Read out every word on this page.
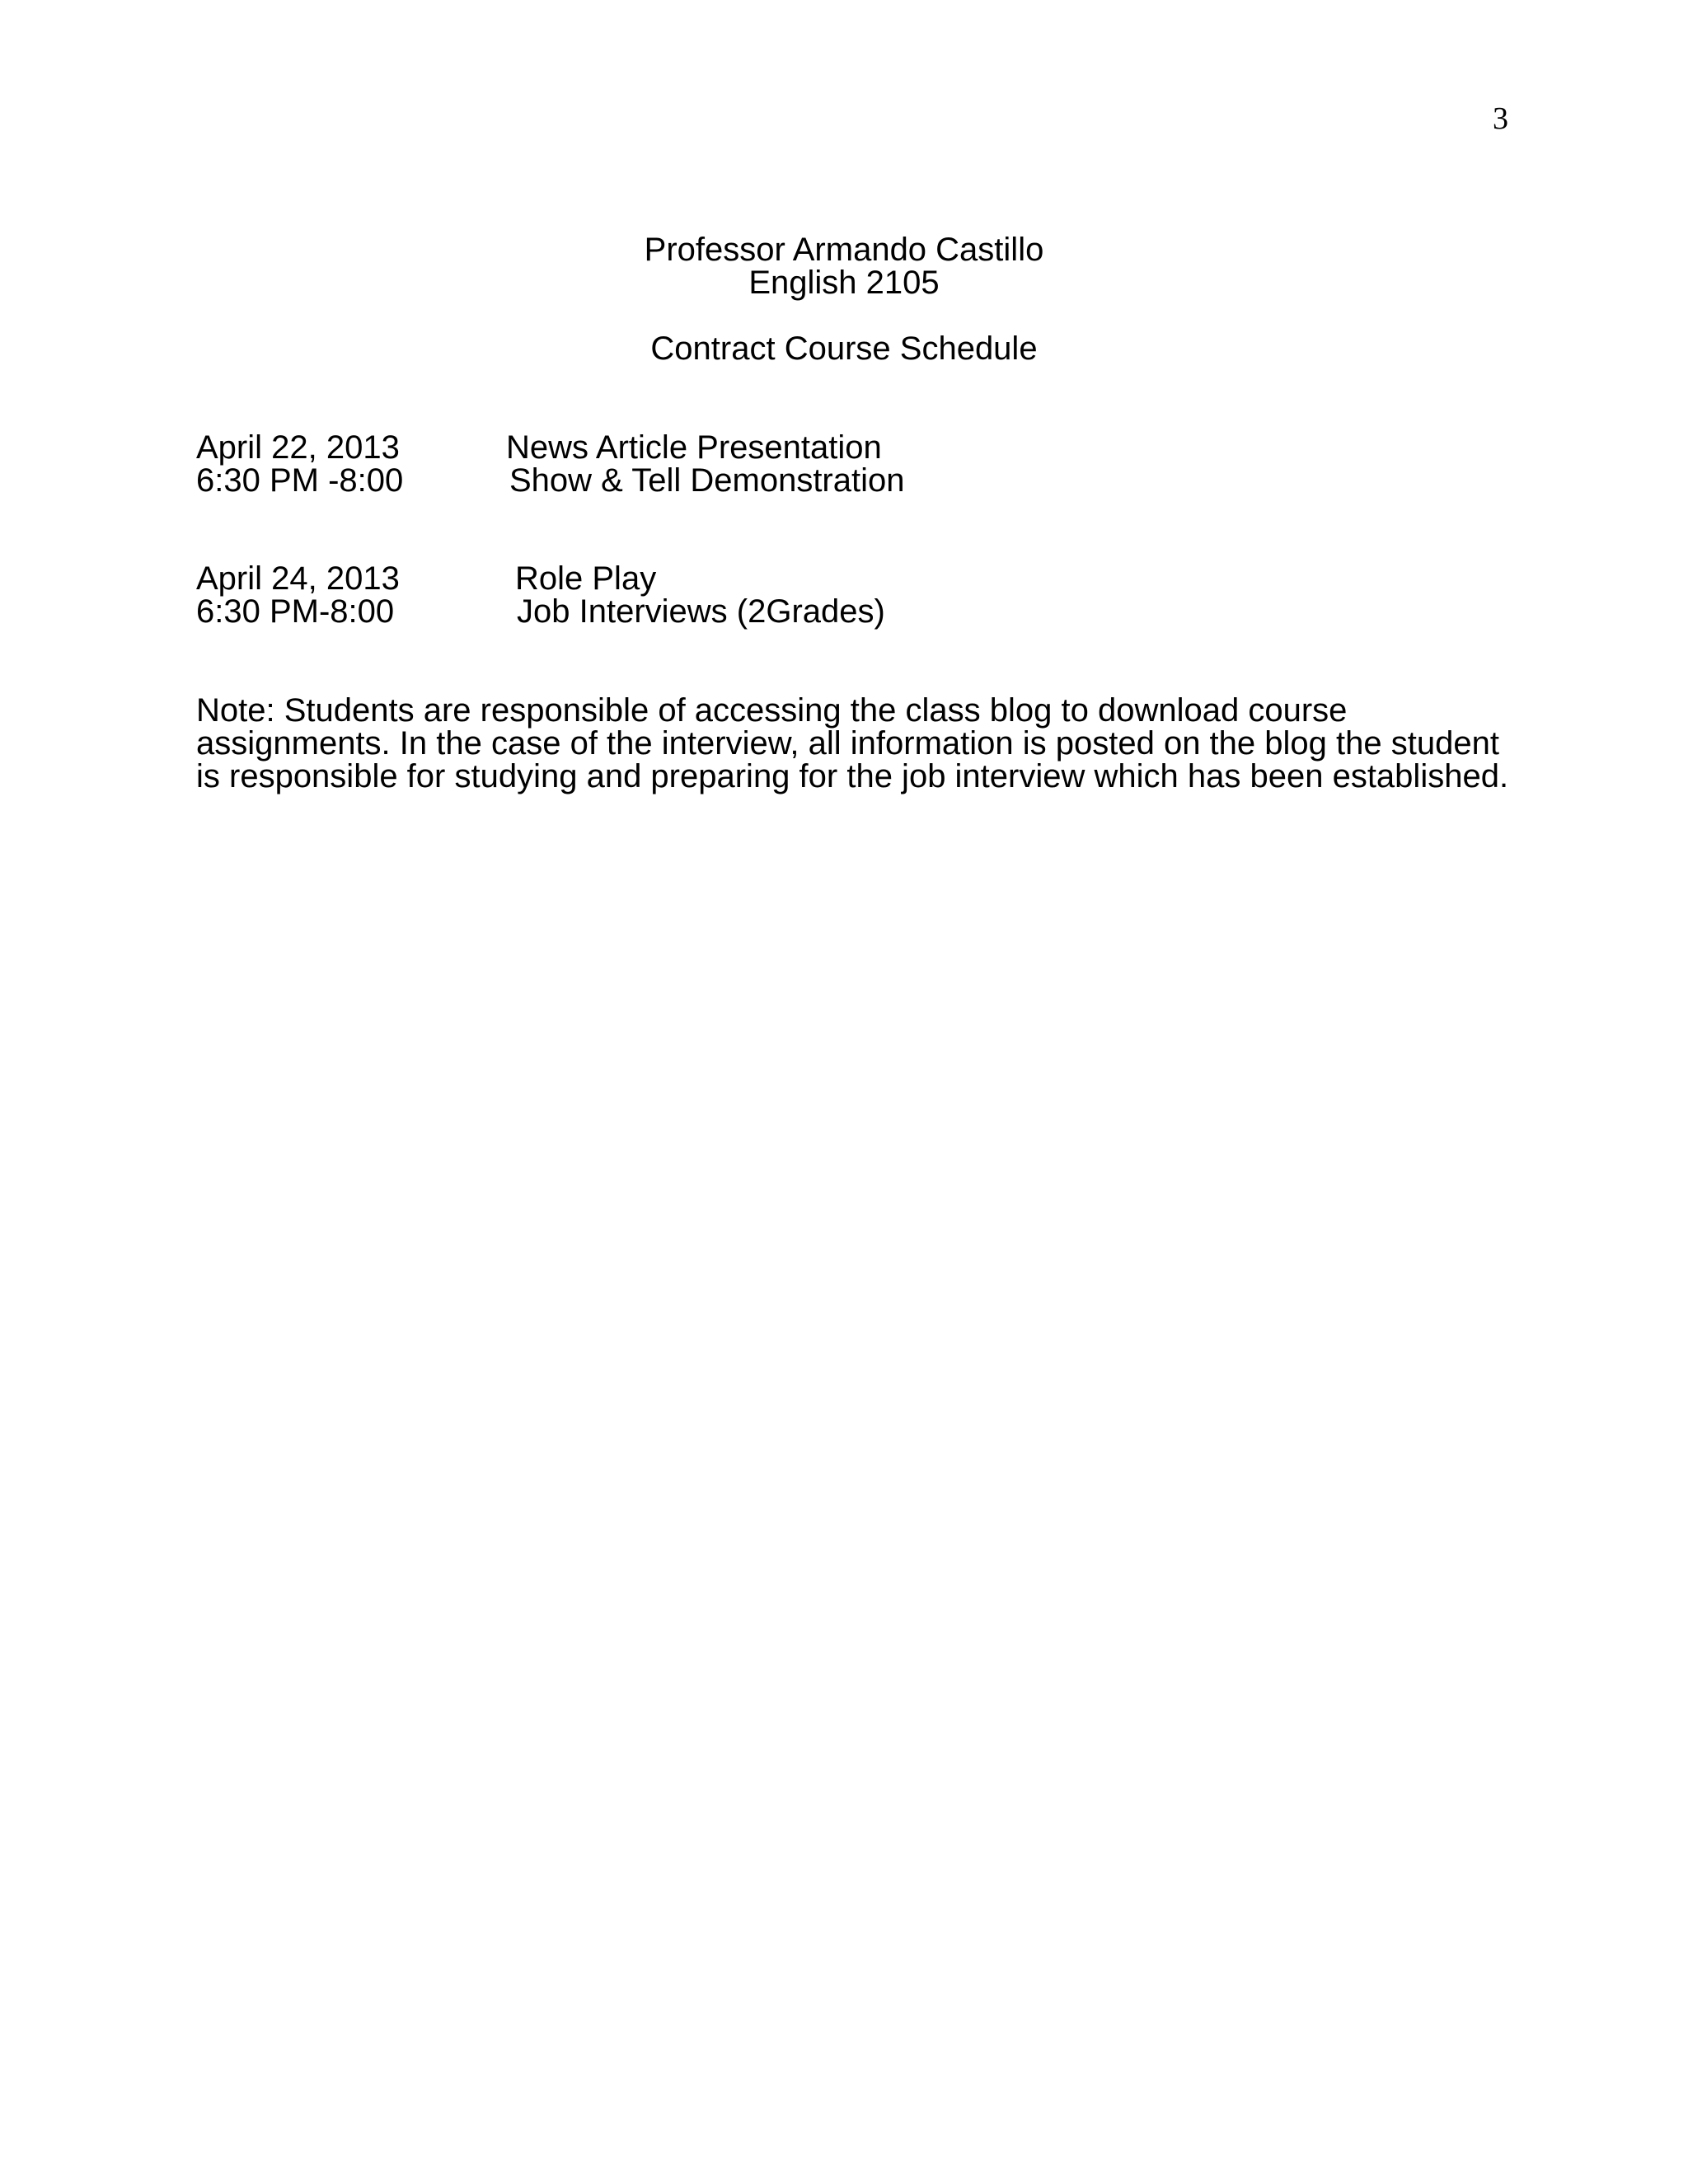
3
Professor Armando Castillo
English 2105
Contract Course Schedule
April 22, 2013	News Article Presentation
6:30 PM -8:00	Show & Tell Demonstration
April 24, 2013	Role Play
6:30 PM-8:00	Job Interviews (2Grades)
Note: Students are responsible of accessing the class blog to download course
assignments. In the case of the interview, all information is posted on the blog the student
is responsible for studying and preparing for the job interview which has been established.
